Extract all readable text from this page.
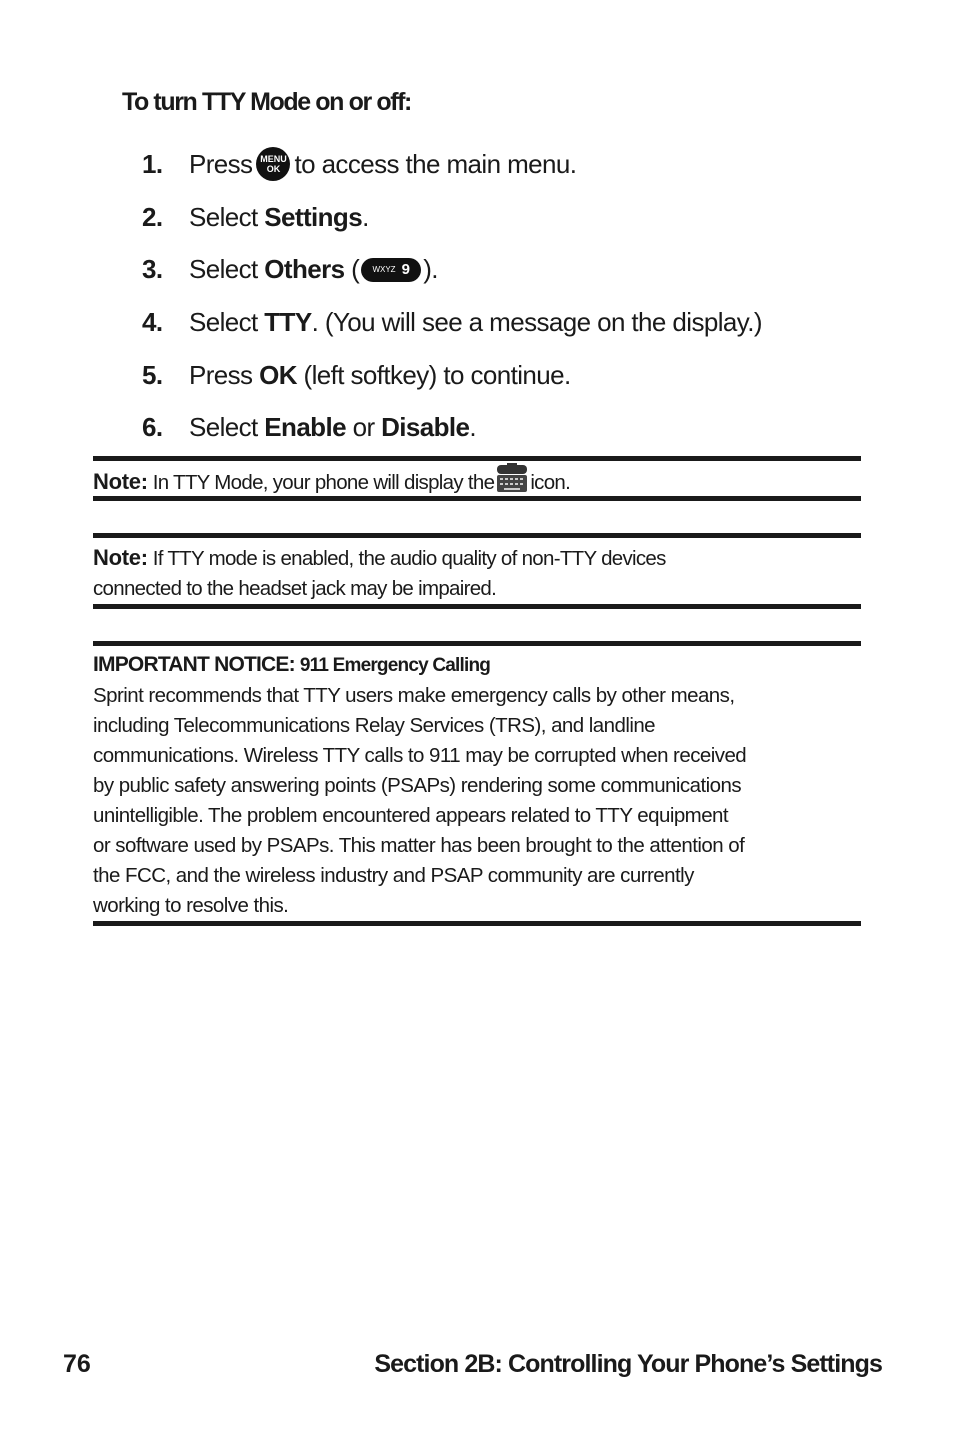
To turn TTY Mode on or off:
1.	Press MENU
OK to access the main menu.
2.	Select
Settings .
3.	Select
Others
( WXYZ 9 ).
4.	Select
TTY . (You will see a message on the display.)
5.	Press
OK
(left softkey) to continue.
6.	Select
Enable
or
Disable .
Note: In TTY Mode, your phone will display the icon.
Note: If TTY mode is enabled, the audio quality of non-TTY devices
connected to the headset jack may be impaired.
IMPORTANT NOTICE: 911 Emergency Calling
Sprint recommends that TTY users make emergency calls by other means,
including Telecommunications Relay Services (TRS), and landline
communications. Wireless TTY calls to 911 may be corrupted when received
by public safety answering points (PSAPs) rendering some communications
unintelligible. The problem encountered appears related to TTY equipment
or software used by PSAPs. This matter has been brought to the attention of
the FCC, and the wireless industry and PSAP community are currently
working to resolve this.
76	Section 2B: Controlling Your Phone’s Settings
